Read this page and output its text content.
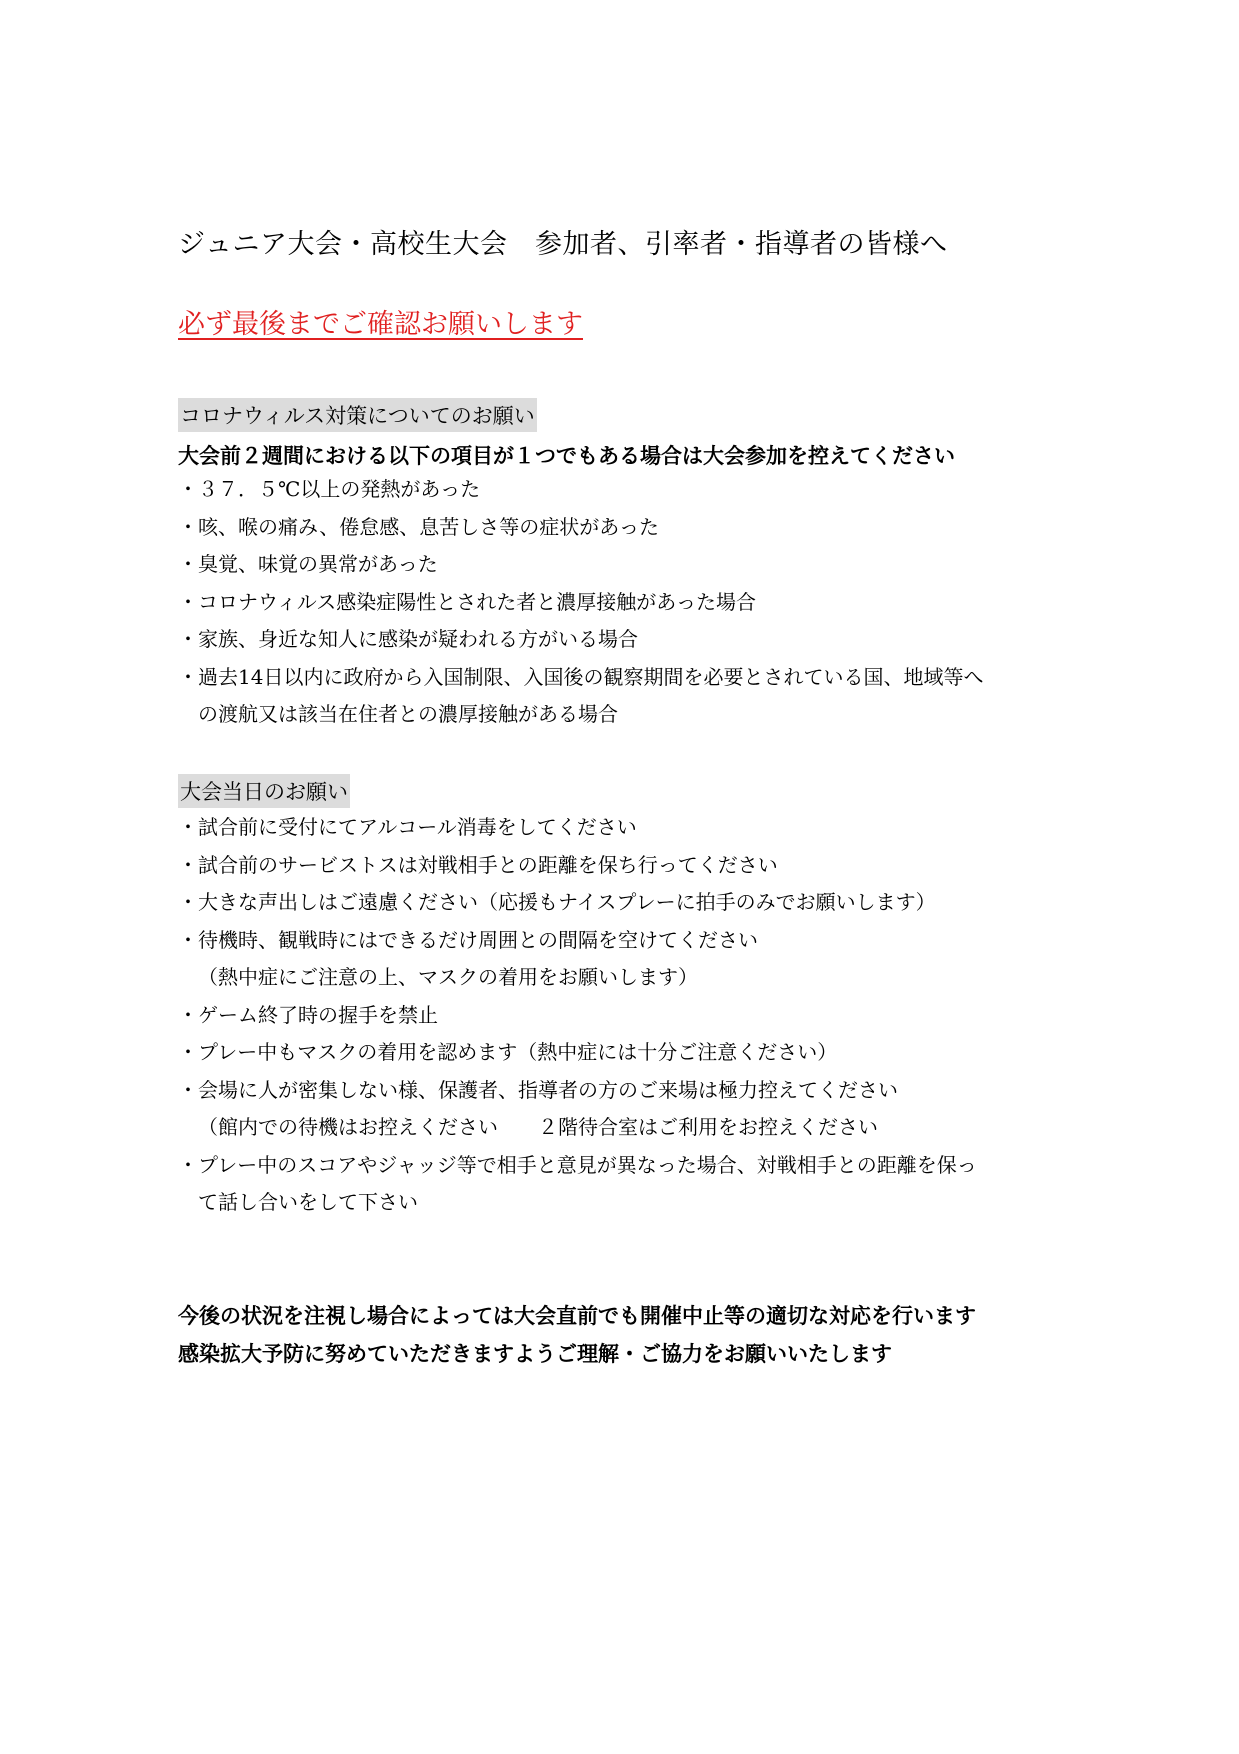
ジュニア大会・高校生大会　参加者、引率者・指導者の皆様へ
必ず最後までご確認お願いします
コロナウィルス対策についてのお願い
大会前２週間における以下の項目が１つでもある場合は大会参加を控えてください
・３７．５℃以上の発熱があった
・咳、喉の痛み、倦怠感、息苦しさ等の症状があった
・臭覚、味覚の異常があった
・コロナウィルス感染症陽性とされた者と濃厚接触があった場合
・家族、身近な知人に感染が疑われる方がいる場合
・過去14日以内に政府から入国制限、入国後の観察期間を必要とされている国、地域等へ
の渡航又は該当在住者との濃厚接触がある場合
大会当日のお願い
・試合前に受付にてアルコール消毒をしてください
・試合前のサービストスは対戦相手との距離を保ち行ってください
・大きな声出しはご遠慮ください（応援もナイスプレーに拍手のみでお願いします）
・待機時、観戦時にはできるだけ周囲との間隔を空けてください
（熱中症にご注意の上、マスクの着用をお願いします）
・ゲーム終了時の握手を禁止
・プレー中もマスクの着用を認めます（熱中症には十分ご注意ください）
・会場に人が密集しない様、保護者、指導者の方のご来場は極力控えてください
（館内での待機はお控えください　　２階待合室はご利用をお控えください
・プレー中のスコアやジャッジ等で相手と意見が異なった場合、対戦相手との距離を保っ
て話し合いをして下さい
今後の状況を注視し場合によっては大会直前でも開催中止等の適切な対応を行います
感染拡大予防に努めていただきますようご理解・ご協力をお願いいたします
